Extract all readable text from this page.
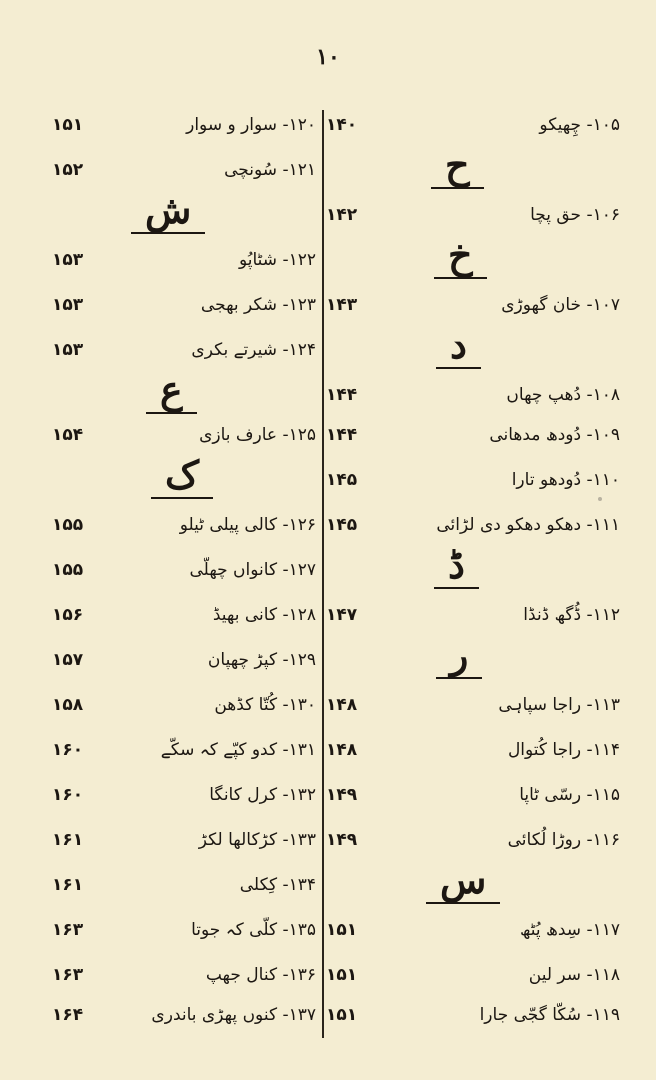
۱۰
۱۵۱	۱۲۰- سوار و سوار
۱۵۲	۱۲۱- سُونچی
ش
۱۵۳	۱۲۲- شٹاپُو
۱۵۳	۱۲۳- شکر بھجی
۱۵۳	۱۲۴- شیرتے بکری
ع
۱۵۴	۱۲۵- عارف بازی
ک
۱۵۵	۱۲۶- کالی پیلی ٹیلو
۱۵۵	۱۲۷- کانواں چھلّی
۱۵۶	۱۲۸- کانی بھیڈ
۱۵۷	۱۲۹- کپڑ چھپان
۱۵۸	۱۳۰- کُتّا کڈھن
۱۶۰	۱۳۱- کدو کپّے کہ سکّے
۱۶۰	۱۳۲- کرل کانگا
۱۶۱	۱۳۳- کڑکالھا لکڑ
۱۶۱	۱۳۴- کِکلی
۱۶۳	۱۳۵- کلّی کہ جوتا
۱۶۳	۱۳۶- کنال جھپ
۱۶۴	۱۳۷- کنوں پھڑی باندری
۱۴۰	۱۰۵- چِھیکو
ح
۱۴۲	۱۰۶- حق پچا
خ
۱۴۳	۱۰۷- خان گھوڑی
د
۱۴۴	۱۰۸- دُھپ چھاں
۱۴۴	۱۰۹- دُودھ مدھانی
۱۴۵	۱۱۰- دُودھو تارا
۱۴۵	۱۱۱- دھکو دھکو دی لڑائی
ڈ
۱۴۷	۱۱۲- ڈُگھ ڈنڈا
ر
۱۴۸	۱۱۳- راجا سپاہی
۱۴۸	۱۱۴- راجا کُتوال
۱۴۹	۱۱۵- رسّی ٹاپا
۱۴۹	۱۱۶- روڑا لُکائی
س
۱۵۱	۱۱۷- سِدھ پُٹھ
۱۵۱	۱۱۸- سر لین
۱۵۱	۱۱۹- سُکّا گجّی جارا
